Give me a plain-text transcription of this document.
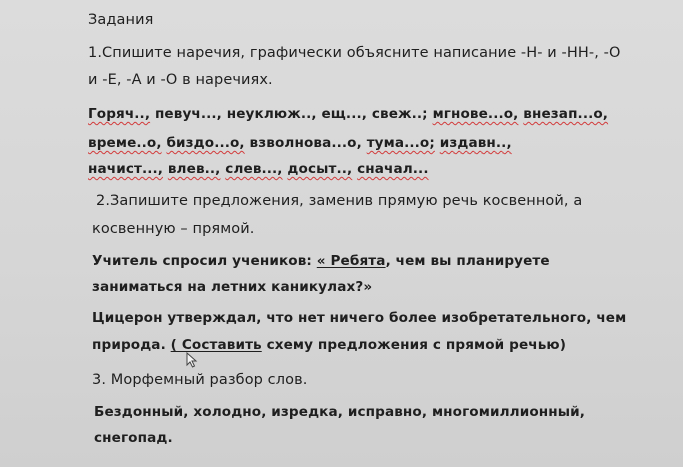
Задания
1.Спишите наречия, графически объясните написание -Н- и -НН-, -О
и -Е, -А и -О в наречиях.
Горяч.., певуч..., неуклюж.., ещ..., свеж..; мгнове...о, внезап...о,
време..о, биздо...о, взволнова...о, тума...о; издавн..,
начист..., влев.., слев..., досыт.., сначал...
2.Запишите предложения, заменив прямую речь косвенной, а
косвенную – прямой.
Учитель спросил учеников: « Ребята, чем вы планируете
заниматься на летних каникулах?»
Цицерон утверждал, что нет ничего более изобретательного, чем
природа. ( Составить схему предложения с прямой речью)
3. Морфемный разбор слов.
Бездонный, холодно, изредка, исправно, многомиллионный,
снегопад.
